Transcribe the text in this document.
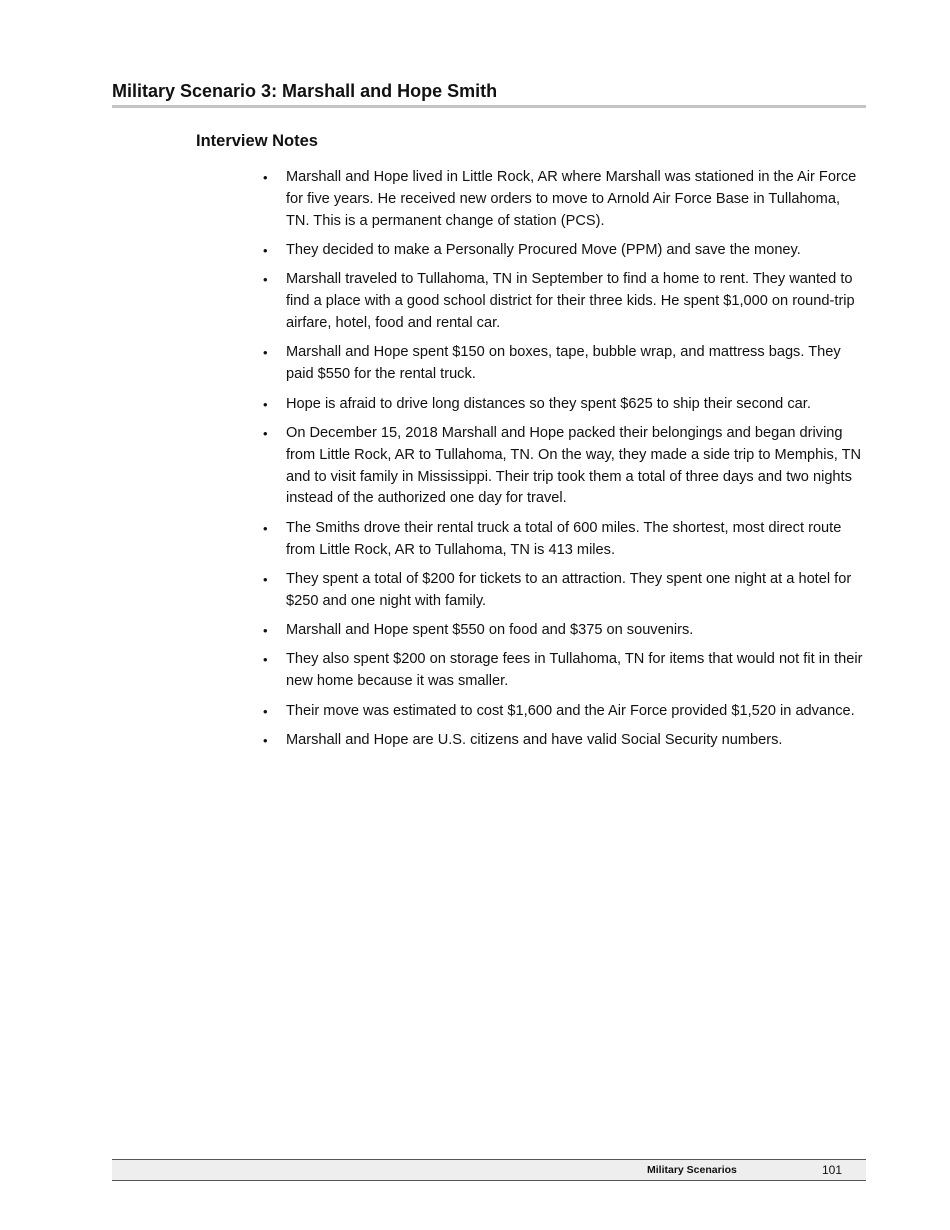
Military Scenario 3: Marshall and Hope Smith
Interview Notes
•	Marshall and Hope lived in Little Rock, AR where Marshall was stationed in the Air Force for five years. He received new orders to move to Arnold Air Force Base in Tullahoma, TN. This is a permanent change of station (PCS).
•	They decided to make a Personally Procured Move (PPM) and save the money.
•	Marshall traveled to Tullahoma, TN in September to find a home to rent. They wanted to find a place with a good school district for their three kids. He spent $1,000 on round-trip airfare, hotel, food and rental car.
•	Marshall and Hope spent $150 on boxes, tape, bubble wrap, and mattress bags. They paid $550 for the rental truck.
•	Hope is afraid to drive long distances so they spent $625 to ship their second car.
•	On December 15, 2018 Marshall and Hope packed their belongings and began driving from Little Rock, AR to Tullahoma, TN. On the way, they made a side trip to Memphis, TN and to visit family in Mississippi. Their trip took them a total of three days and two nights instead of the authorized one day for travel.
•	The Smiths drove their rental truck a total of 600 miles. The shortest, most direct route from Little Rock, AR to Tullahoma, TN is 413 miles.
•	They spent a total of $200 for tickets to an attraction. They spent one night at a hotel for $250 and one night with family.
•	Marshall and Hope spent $550 on food and $375 on souvenirs.
•	They also spent $200 on storage fees in Tullahoma, TN for items that would not fit in their new home because it was smaller.
•	Their move was estimated to cost $1,600 and the Air Force provided $1,520 in advance.
•	Marshall and Hope are U.S. citizens and have valid Social Security numbers.
Military Scenarios	101
